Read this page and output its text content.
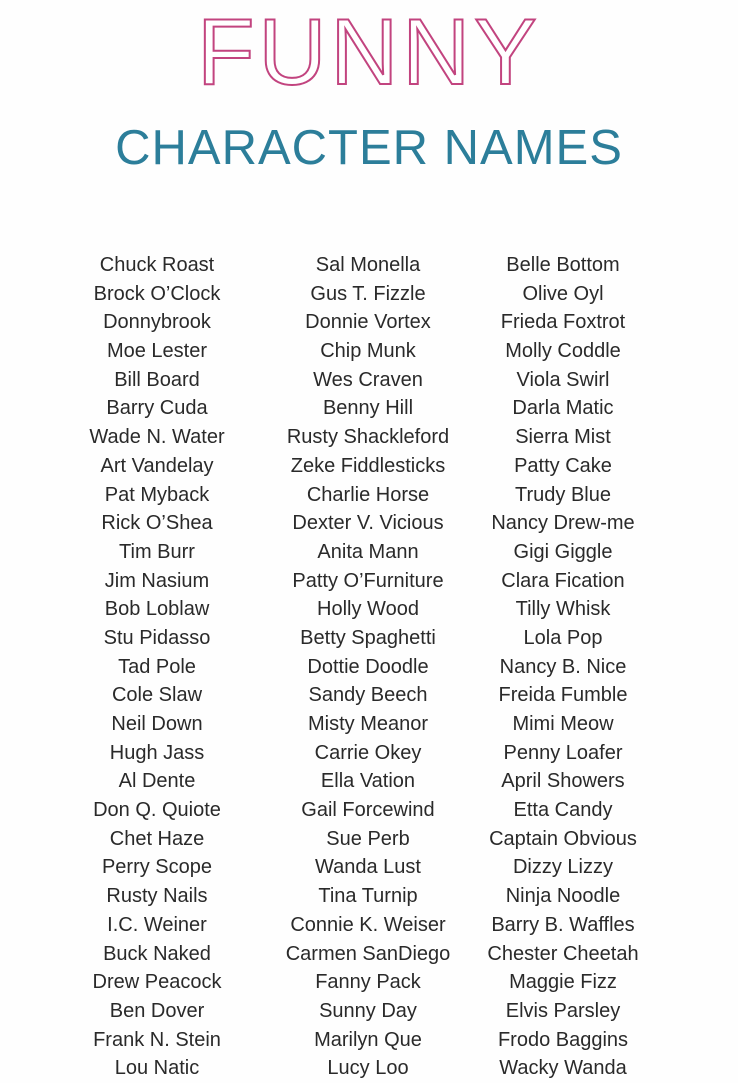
FUNNY
CHARACTER NAMES
Chuck Roast
Brock O’Clock
Donnybrook
Moe Lester
Bill Board
Barry Cuda
Wade N. Water
Art Vandelay
Pat Myback
Rick O’Shea
Tim Burr
Jim Nasium
Bob Loblaw
Stu Pidasso
Tad Pole
Cole Slaw
Neil Down
Hugh Jass
Al Dente
Don Q. Quiote
Chet Haze
Perry Scope
Rusty Nails
I.C. Weiner
Buck Naked
Drew Peacock
Ben Dover
Frank N. Stein
Lou Natic
Sal Monella
Gus T. Fizzle
Donnie Vortex
Chip Munk
Wes Craven
Benny Hill
Rusty Shackleford
Zeke Fiddlesticks
Charlie Horse
Dexter V. Vicious
Anita Mann
Patty O’Furniture
Holly Wood
Betty Spaghetti
Dottie Doodle
Sandy Beech
Misty Meanor
Carrie Okey
Ella Vation
Gail Forcewind
Sue Perb
Wanda Lust
Tina Turnip
Connie K. Weiser
Carmen SanDiego
Fanny Pack
Sunny Day
Marilyn Que
Lucy Loo
Belle Bottom
Olive Oyl
Frieda Foxtrot
Molly Coddle
Viola Swirl
Darla Matic
Sierra Mist
Patty Cake
Trudy Blue
Nancy Drew-me
Gigi Giggle
Clara Fication
Tilly Whisk
Lola Pop
Nancy B. Nice
Freida Fumble
Mimi Meow
Penny Loafer
April Showers
Etta Candy
Captain Obvious
Dizzy Lizzy
Ninja Noodle
Barry B. Waffles
Chester Cheetah
Maggie Fizz
Elvis Parsley
Frodo Baggins
Wacky Wanda
